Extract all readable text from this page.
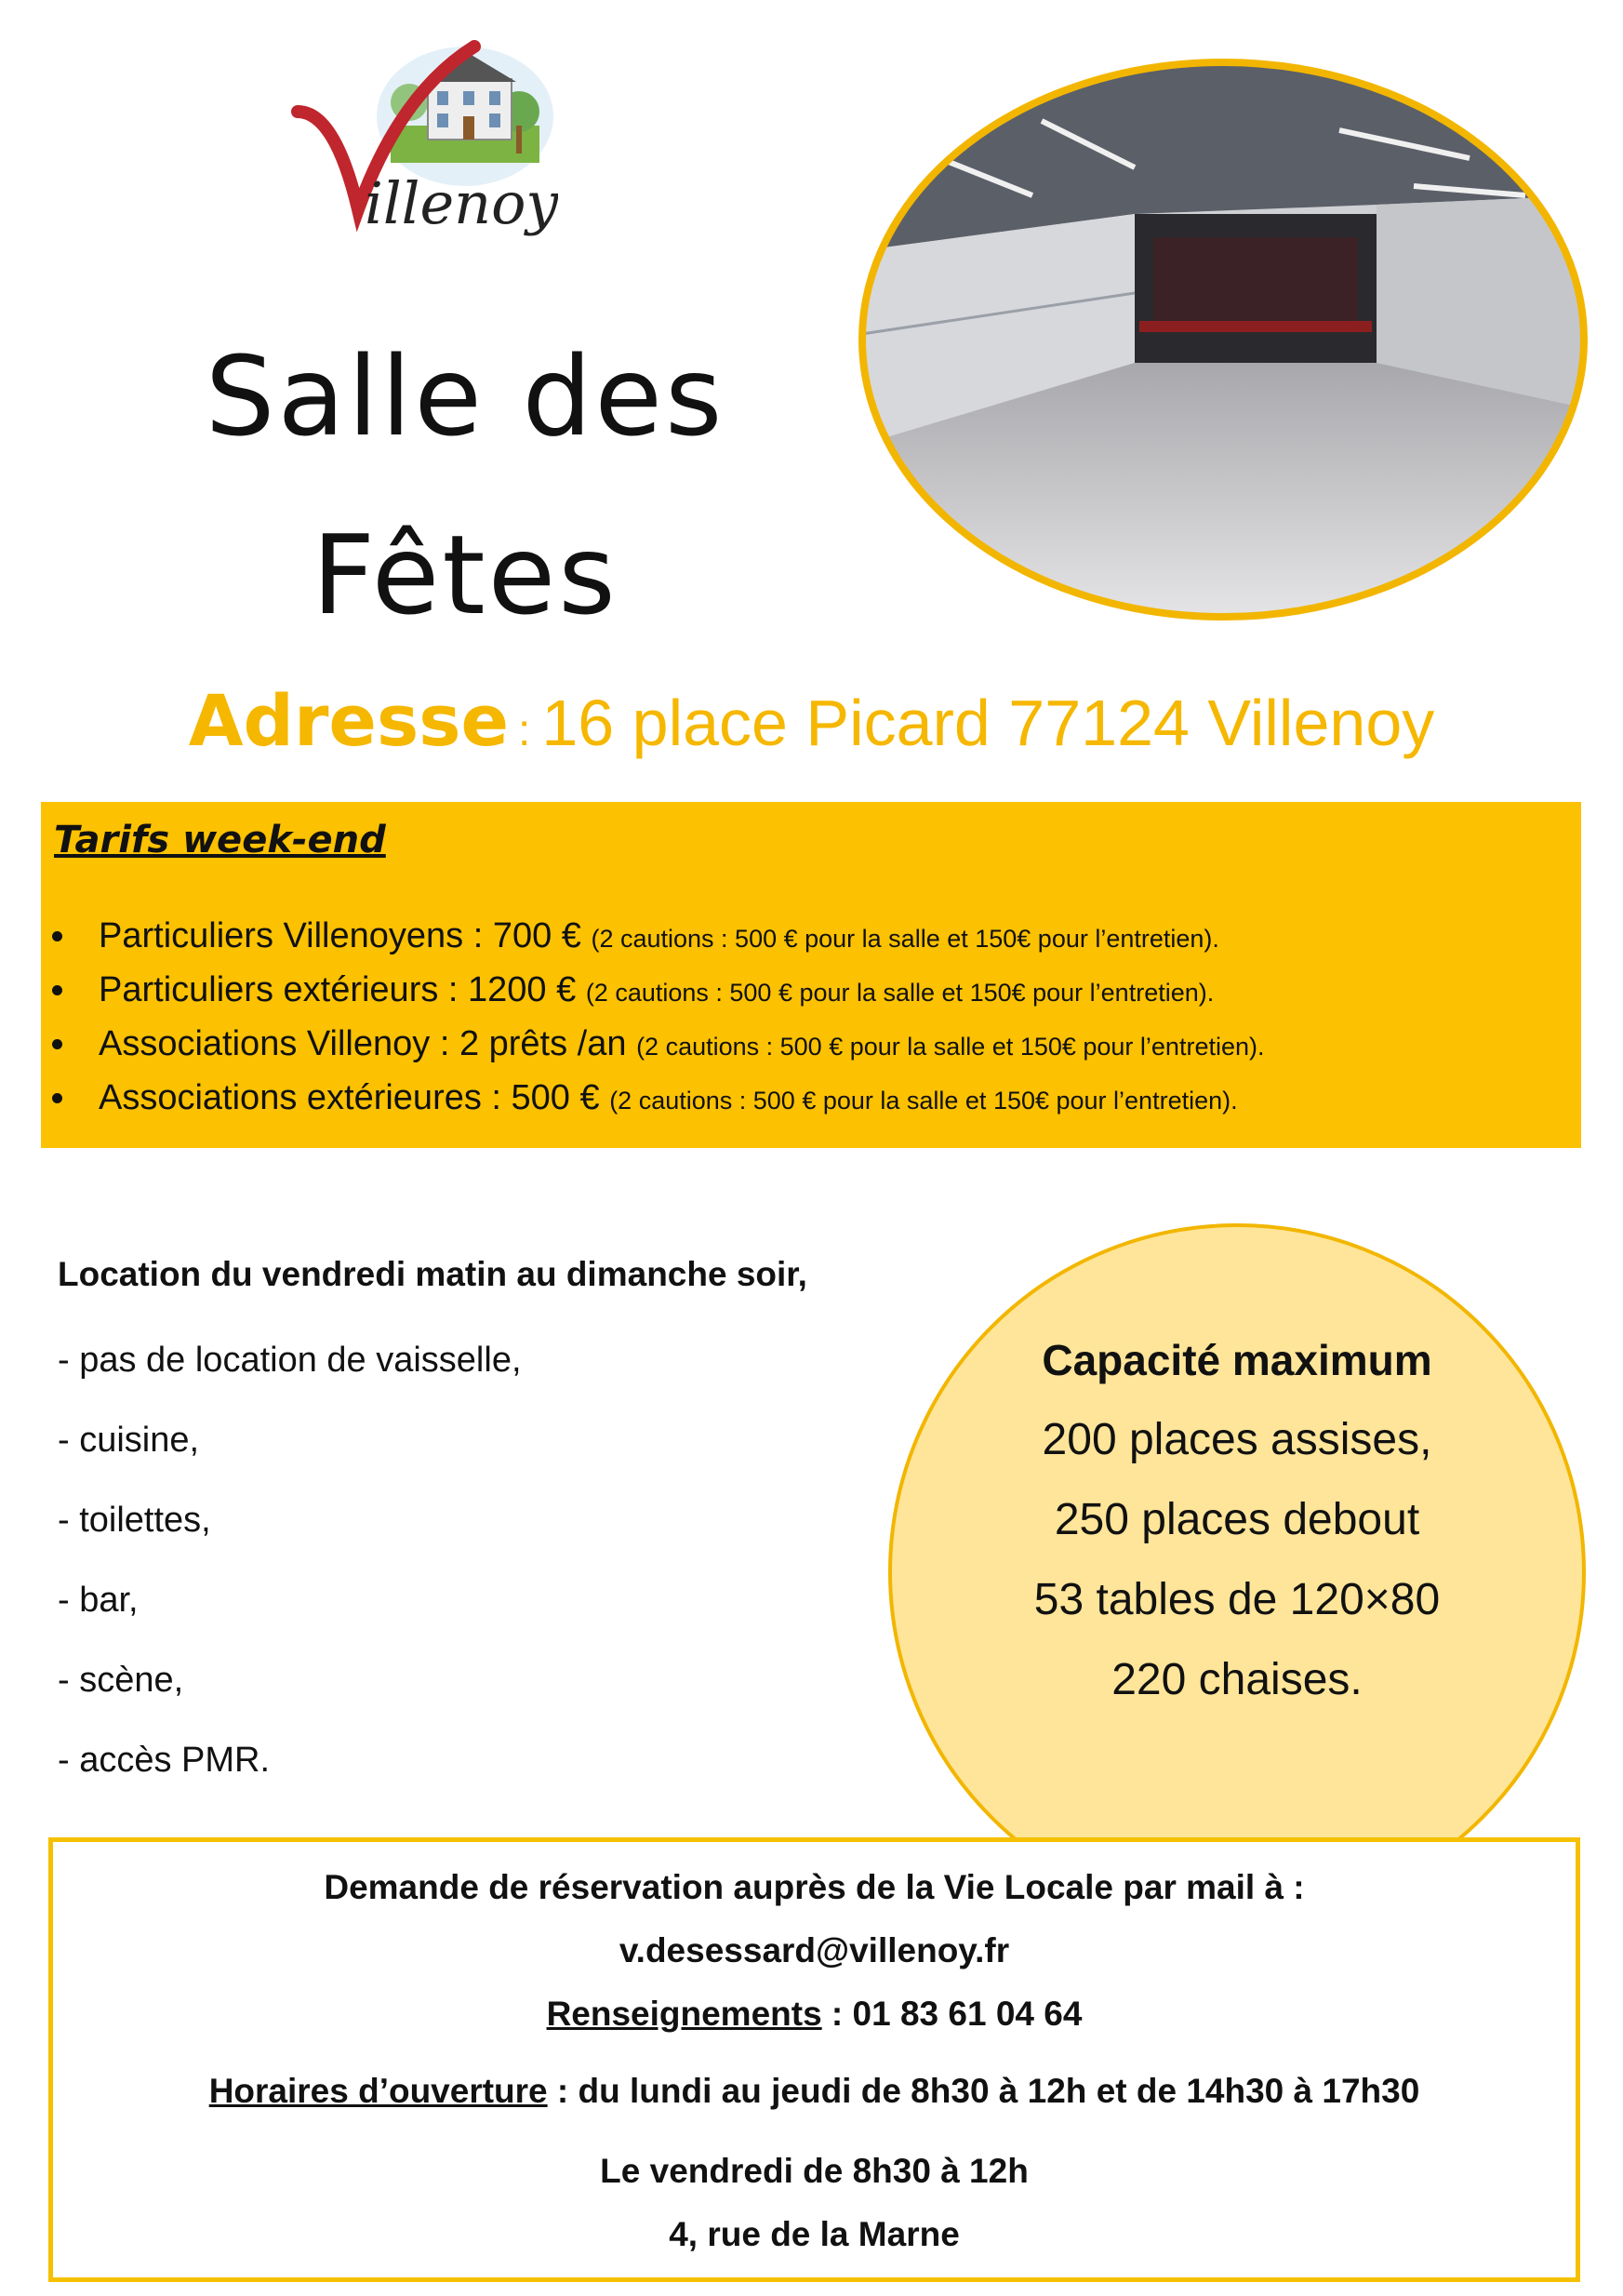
illenoy
Salle des
Fêtes
Adresse : 16 place Picard 77124 Villenoy
Tarifs week-end
Particuliers Villenoyens : 700 € (2 cautions : 500 € pour la salle et 150€ pour l’entretien).
Particuliers extérieurs : 1200 € (2 cautions : 500 € pour la salle et 150€ pour l’entretien).
Associations Villenoy : 2 prêts /an (2 cautions : 500 € pour la salle et 150€ pour l’entretien).
Associations extérieures : 500 € (2 cautions : 500 € pour la salle et 150€ pour l’entretien).
Location du vendredi matin au dimanche soir,
- pas de location de vaisselle,
- cuisine,
- toilettes,
- bar,
- scène,
- accès PMR.
Capacité maximum
200 places assises,
250 places debout
53 tables de 120×80
220 chaises.
Demande de réservation auprès de la Vie Locale par mail à :
v.desessard@villenoy.fr
Renseignements : 01 83 61 04 64
Horaires d’ouverture : du lundi au jeudi de 8h30 à 12h et de 14h30 à 17h30
Le vendredi de 8h30 à 12h
4, rue de la Marne
